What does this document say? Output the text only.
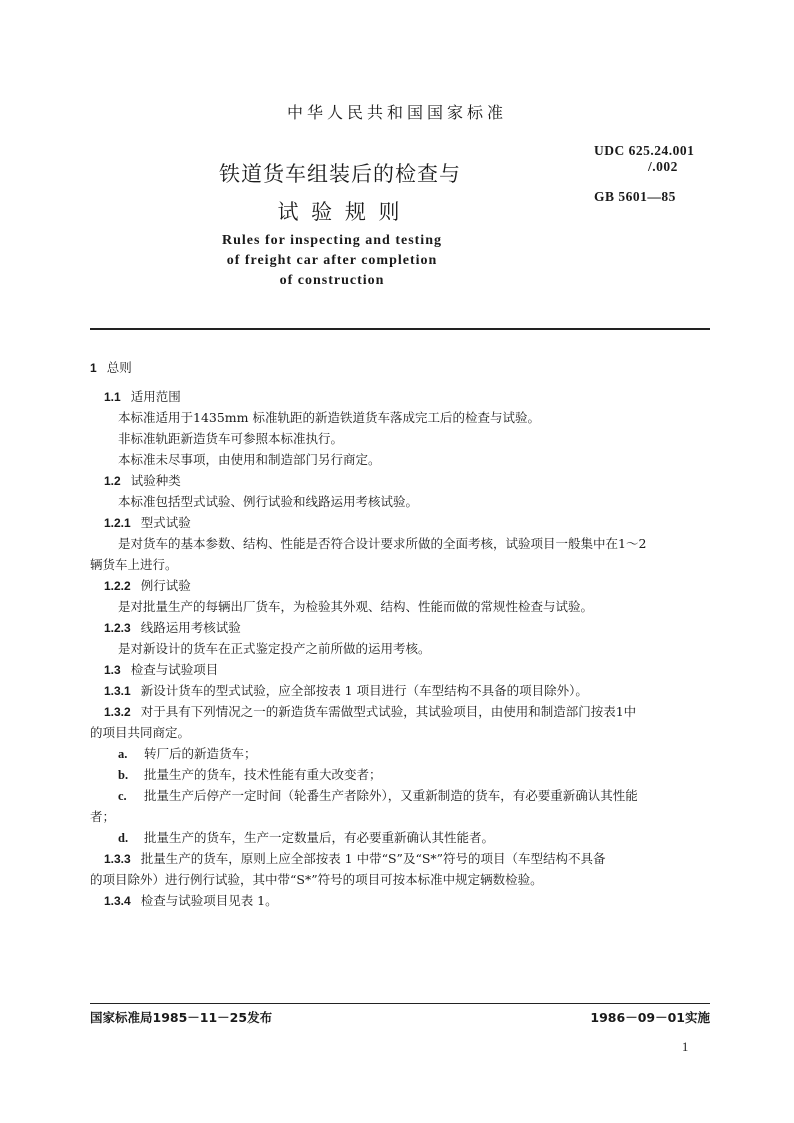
中华人民共和国国家标准
铁道货车组装后的检查与
试 验 规 则
Rules for inspecting and testing
of freight car after completion
of construction
UDC 625.24.001
/.002
GB 5601—85
1 总则
1.1 适用范围
本标准适用于1435mm 标准轨距的新造铁道货车落成完工后的检查与试验。
非标准轨距新造货车可参照本标准执行。
本标准未尽事项，由使用和制造部门另行商定。
1.2 试验种类
本标准包括型式试验、例行试验和线路运用考核试验。
1.2.1 型式试验
是对货车的基本参数、结构、性能是否符合设计要求所做的全面考核，试验项目一般集中在1～2
辆货车上进行。
1.2.2 例行试验
是对批量生产的每辆出厂货车，为检验其外观、结构、性能而做的常规性检查与试验。
1.2.3 线路运用考核试验
是对新设计的货车在正式鉴定投产之前所做的运用考核。
1.3 检查与试验项目
1.3.1 新设计货车的型式试验，应全部按表 1 项目进行（车型结构不具备的项目除外）。
1.3.2 对于具有下列情况之一的新造货车需做型式试验，其试验项目，由使用和制造部门按表1中
的项目共同商定。
a. 转厂后的新造货车；
b. 批量生产的货车，技术性能有重大改变者；
c. 批量生产后停产一定时间（轮番生产者除外），又重新制造的货车，有必要重新确认其性能
者；
d. 批量生产的货车，生产一定数量后，有必要重新确认其性能者。
1.3.3 批量生产的货车，原则上应全部按表 1 中带“S”及“S*”符号的项目（车型结构不具备
的项目除外）进行例行试验，其中带“S*”符号的项目可按本标准中规定辆数检验。
1.3.4 检查与试验项目见表 1。
国家标准局1985－11－25发布	1986－09－01实施
1
